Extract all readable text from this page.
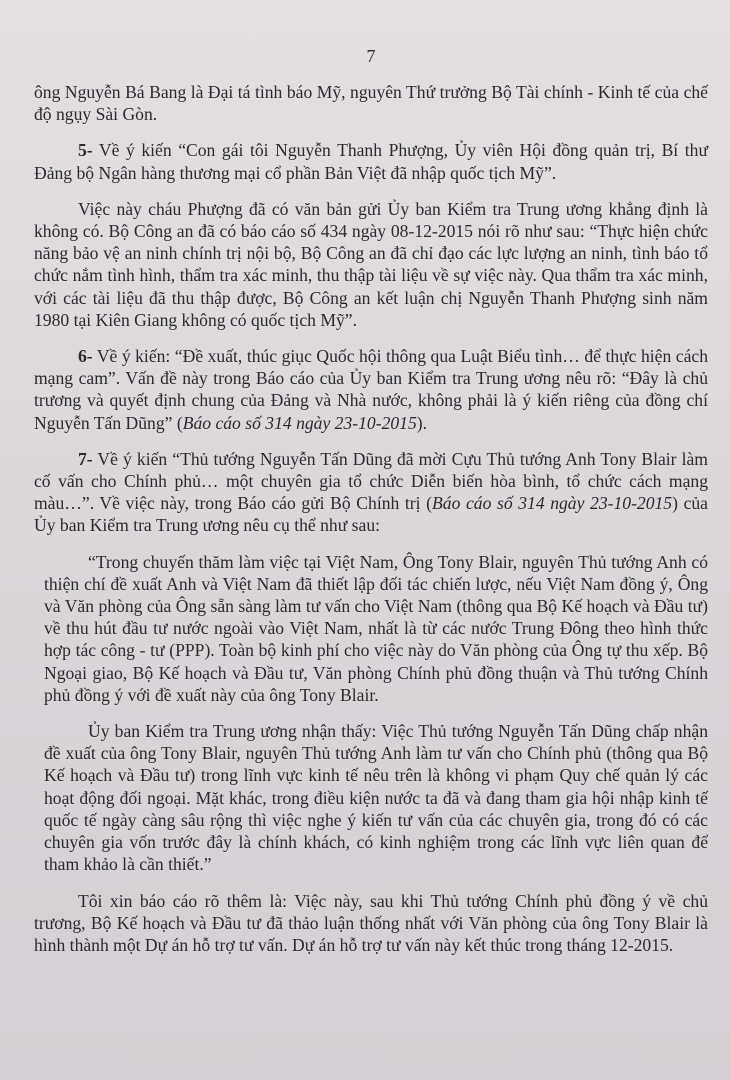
7

ông Nguyễn Bá Bang là Đại tá tình báo Mỹ, nguyên Thứ trưởng Bộ Tài chính - Kinh tế của chế độ ngụy Sài Gòn.

5- Về ý kiến “Con gái tôi Nguyễn Thanh Phượng, Ủy viên Hội đồng quản trị, Bí thư Đảng bộ Ngân hàng thương mại cổ phần Bản Việt đã nhập quốc tịch Mỹ”.

Việc này cháu Phượng đã có văn bản gửi Ủy ban Kiểm tra Trung ương khẳng định là không có. Bộ Công an đã có báo cáo số 434 ngày 08-12-2015 nói rõ như sau: “Thực hiện chức năng bảo vệ an ninh chính trị nội bộ, Bộ Công an đã chỉ đạo các lực lượng an ninh, tình báo tổ chức nắm tình hình, thẩm tra xác minh, thu thập tài liệu về sự việc này. Qua thẩm tra xác minh, với các tài liệu đã thu thập được, Bộ Công an kết luận chị Nguyễn Thanh Phượng sinh năm 1980 tại Kiên Giang không có quốc tịch Mỹ”.

6- Về ý kiến: “Đề xuất, thúc giục Quốc hội thông qua Luật Biểu tình… để thực hiện cách mạng cam”. Vấn đề này trong Báo cáo của Ủy ban Kiểm tra Trung ương nêu rõ: “Đây là chủ trương và quyết định chung của Đảng và Nhà nước, không phải là ý kiến riêng của đồng chí Nguyễn Tấn Dũng” (Báo cáo số 314 ngày 23-10-2015).

7- Về ý kiến “Thủ tướng Nguyễn Tấn Dũng đã mời Cựu Thủ tướng Anh Tony Blair làm cố vấn cho Chính phủ… một chuyên gia tổ chức Diễn biến hòa bình, tổ chức cách mạng màu…”. Về việc này, trong Báo cáo gửi Bộ Chính trị (Báo cáo số 314 ngày 23-10-2015) của Ủy ban Kiểm tra Trung ương nêu cụ thể như sau:

“Trong chuyến thăm làm việc tại Việt Nam, Ông Tony Blair, nguyên Thủ tướng Anh có thiện chí đề xuất Anh và Việt Nam đã thiết lập đối tác chiến lược, nếu Việt Nam đồng ý, Ông và Văn phòng của Ông sẵn sàng làm tư vấn cho Việt Nam (thông qua Bộ Kế hoạch và Đầu tư) về thu hút đầu tư nước ngoài vào Việt Nam, nhất là từ các nước Trung Đông theo hình thức hợp tác công - tư (PPP). Toàn bộ kinh phí cho việc này do Văn phòng của Ông tự thu xếp. Bộ Ngoại giao, Bộ Kế hoạch và Đầu tư, Văn phòng Chính phủ đồng thuận và Thủ tướng Chính phủ đồng ý với đề xuất này của ông Tony Blair.

Ủy ban Kiểm tra Trung ương nhận thấy: Việc Thủ tướng Nguyễn Tấn Dũng chấp nhận đề xuất của ông Tony Blair, nguyên Thủ tướng Anh làm tư vấn cho Chính phủ (thông qua Bộ Kế hoạch và Đầu tư) trong lĩnh vực kinh tế nêu trên là không vi phạm Quy chế quản lý các hoạt động đối ngoại. Mặt khác, trong điều kiện nước ta đã và đang tham gia hội nhập kinh tế quốc tế ngày càng sâu rộng thì việc nghe ý kiến tư vấn của các chuyên gia, trong đó có các chuyên gia vốn trước đây là chính khách, có kinh nghiệm trong các lĩnh vực liên quan để tham khảo là cần thiết.”

Tôi xin báo cáo rõ thêm là: Việc này, sau khi Thủ tướng Chính phủ đồng ý về chủ trương, Bộ Kế hoạch và Đầu tư đã thảo luận thống nhất với Văn phòng của ông Tony Blair là hình thành một Dự án hỗ trợ tư vấn. Dự án hỗ trợ tư vấn này kết thúc trong tháng 12-2015.
